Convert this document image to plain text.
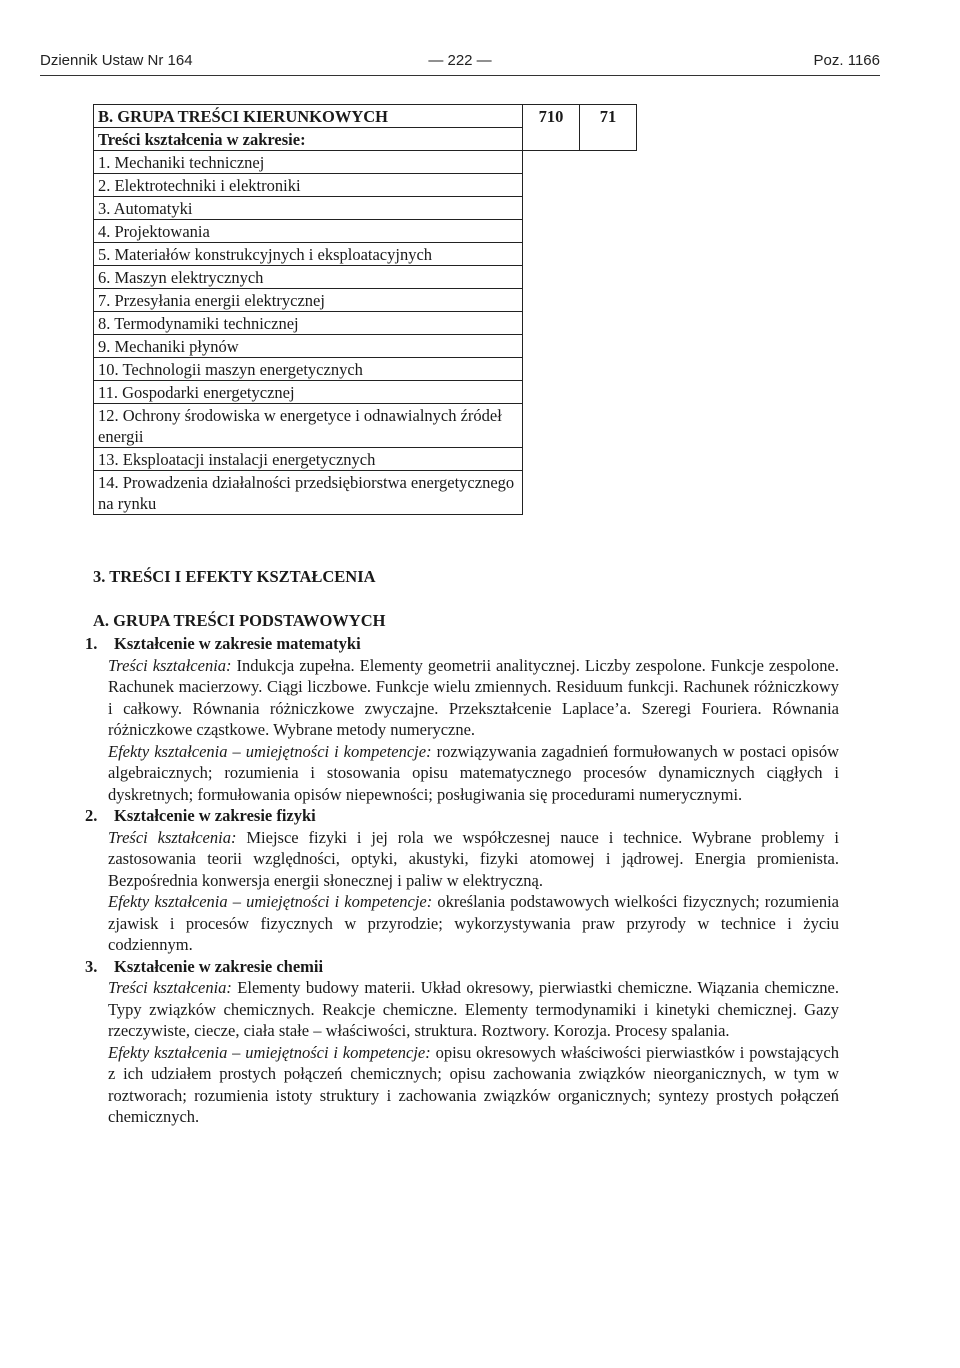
Dziennik Ustaw Nr 164	— 222 —	Poz. 1166
B. GRUPA TREŚCI KIERUNKOWYCH	710	71
Treści kształcenia w zakresie:		
1. Mechaniki technicznej		
2. Elektrotechniki i elektroniki		
3. Automatyki		
4. Projektowania		
5. Materiałów konstrukcyjnych i eksploatacyjnych		
6. Maszyn elektrycznych		
7. Przesyłania energii elektrycznej		
8. Termodynamiki technicznej		
9. Mechaniki płynów		
10. Technologii maszyn energetycznych		
11. Gospodarki energetycznej		
12. Ochrony środowiska w energetyce i odnawialnych źródeł energii		
13. Eksploatacji instalacji energetycznych		
14. Prowadzenia działalności przedsiębiorstwa energetycznego na rynku		
3. TREŚCI I EFEKTY KSZTAŁCENIA
A. GRUPA TREŚCI PODSTAWOWYCH
1. Kształcenie w zakresie matematyki

Treści kształcenia: Indukcja zupełna. Elementy geometrii analitycznej. Liczby zespolone. Funkcje zespolone. Rachunek macierzowy. Ciągi liczbowe. Funkcje wielu zmiennych. Residuum funkcji. Rachunek różniczkowy i całkowy. Równania różniczkowe zwyczajne. Przekształcenie Laplace’a. Szeregi Fouriera. Równania różniczkowe cząstkowe. Wybrane metody numeryczne.

Efekty kształcenia – umiejętności i kompetencje: rozwiązywania zagadnień formułowanych w postaci opisów algebraicznych; rozumienia i stosowania opisu matematycznego procesów dynamicznych ciągłych i dyskretnych; formułowania opisów niepewności; posługiwania się procedurami numerycznymi.

2. Kształcenie w zakresie fizyki

Treści kształcenia: Miejsce fizyki i jej rola we współczesnej nauce i technice. Wybrane problemy i zastosowania teorii względności, optyki, akustyki, fizyki atomowej i jądrowej. Energia promienista. Bezpośrednia konwersja energii słonecznej i paliw w elektryczną.

Efekty kształcenia – umiejętności i kompetencje: określania podstawowych wielkości fizycznych; rozumienia zjawisk i procesów fizycznych w przyrodzie; wykorzystywania praw przyrody w technice i życiu codziennym.

3. Kształcenie w zakresie chemii

Treści kształcenia: Elementy budowy materii. Układ okresowy, pierwiastki chemiczne. Wiązania chemiczne. Typy związków chemicznych. Reakcje chemiczne. Elementy termodynamiki i kinetyki chemicznej. Gazy rzeczywiste, ciecze, ciała stałe – właściwości, struktura. Roztwory. Korozja. Procesy spalania.

Efekty kształcenia – umiejętności i kompetencje: opisu okresowych właściwości pierwiastków i powstających z ich udziałem prostych połączeń chemicznych; opisu zachowania związków nieorganicznych, w tym w roztworach; rozumienia istoty struktury i zachowania związków organicznych; syntezy prostych połączeń chemicznych.
